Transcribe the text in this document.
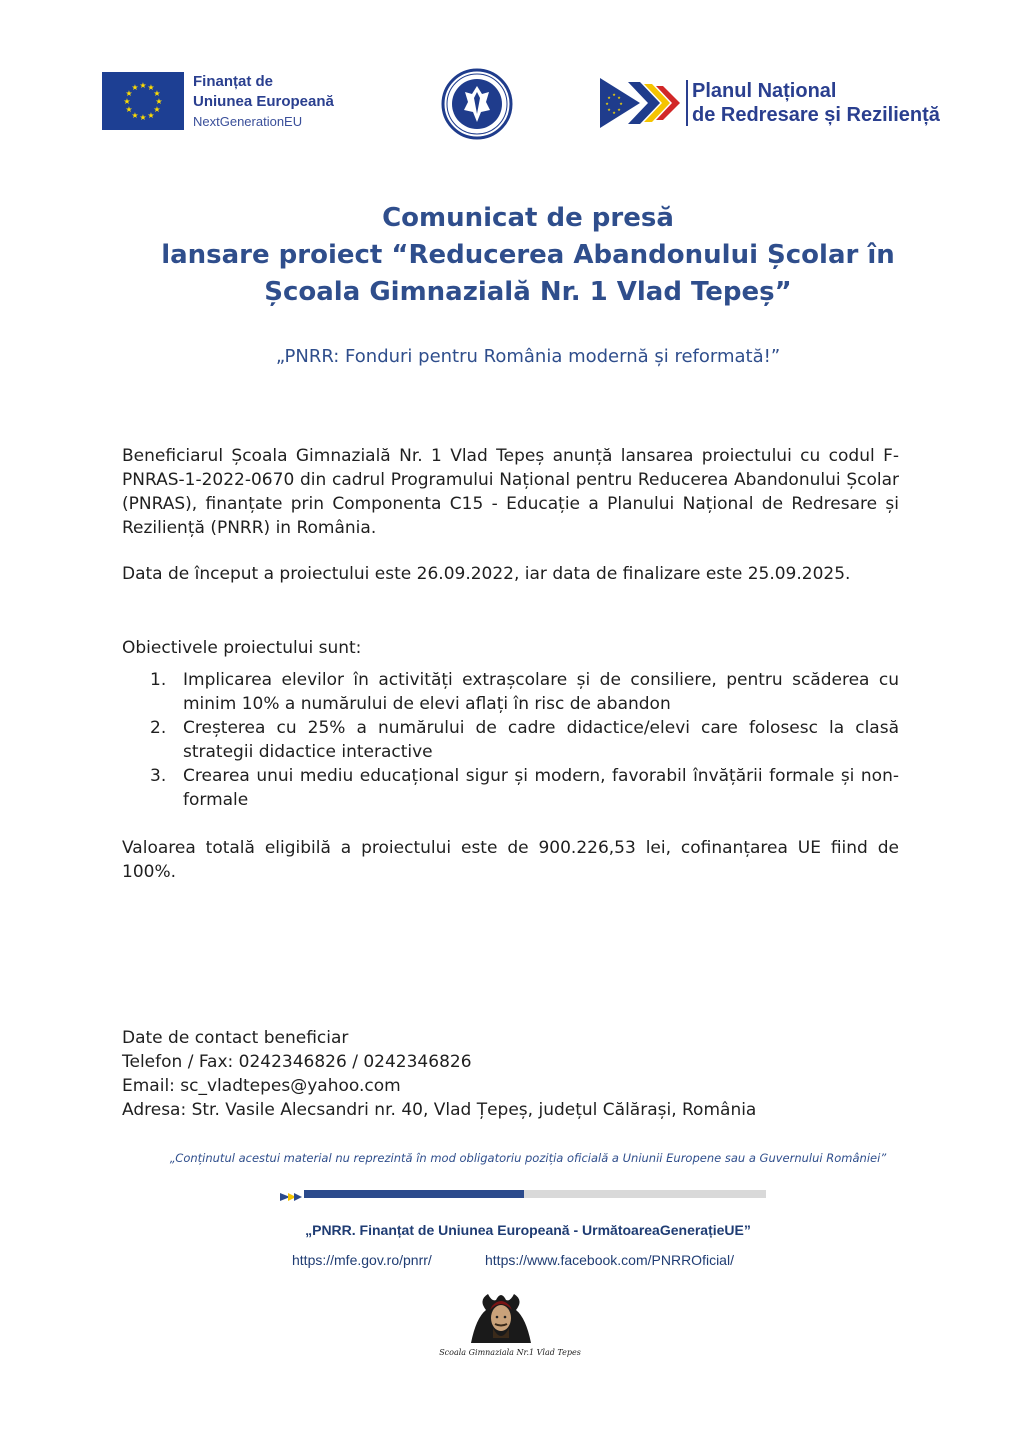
★ ★
★
★
★
★
★
★
★
★
★
★	Finanțat de
Uniunea Europeană
NextGenerationEU
★
★
★
★
★
★
★
★	Planul Național
de Redresare și Reziliență
Comunicat de presă
lansare proiect “Reducerea Abandonului Școlar în
Școala Gimnazială Nr. 1 Vlad Tepeș”
„PNRR: Fonduri pentru România modernă și reformată!”
Beneficiarul Școala Gimnazială Nr. 1 Vlad Tepeș anunță lansarea proiectului cu codul F-PNRAS-1-2022-0670 din cadrul Programului Național pentru Reducerea Abandonului Școlar (PNRAS), finanțate prin Componenta C15 - Educație a Planului Național de Redresare și Reziliență (PNRR) in România.
Data de început a proiectului este 26.09.2022, iar data de finalizare este 25.09.2025.
Obiectivele proiectului sunt:
1. Implicarea elevilor în activități extrașcolare și de consiliere, pentru scăderea cu minim 10% a numărului de elevi aflați în risc de abandon
2. Creșterea cu 25% a numărului de cadre didactice/elevi care folosesc la clasă strategii didactice interactive
3. Crearea unui mediu educațional sigur și modern, favorabil învățării formale și non-formale
Valoarea totală eligibilă a proiectului este de 900.226,53 lei, cofinanțarea UE fiind de 100%.
Date de contact beneficiar
Telefon / Fax: 0242346826 / 0242346826
Email: sc_vladtepes@yahoo.com
Adresa: Str. Vasile Alecsandri nr. 40, Vlad Țepeș, județul Călărași, România
„Conținutul acestui material nu reprezintă în mod obligatoriu poziția oficială a Uniunii Europene sau a Guvernului României”
„PNRR. Finanțat de Uniunea Europeană - UrmătoareaGenerațieUE”
https://mfe.gov.ro/pnrr/	https://www.facebook.com/PNRROficial/
Scoala Gimnaziala Nr.1 Vlad Tepes
